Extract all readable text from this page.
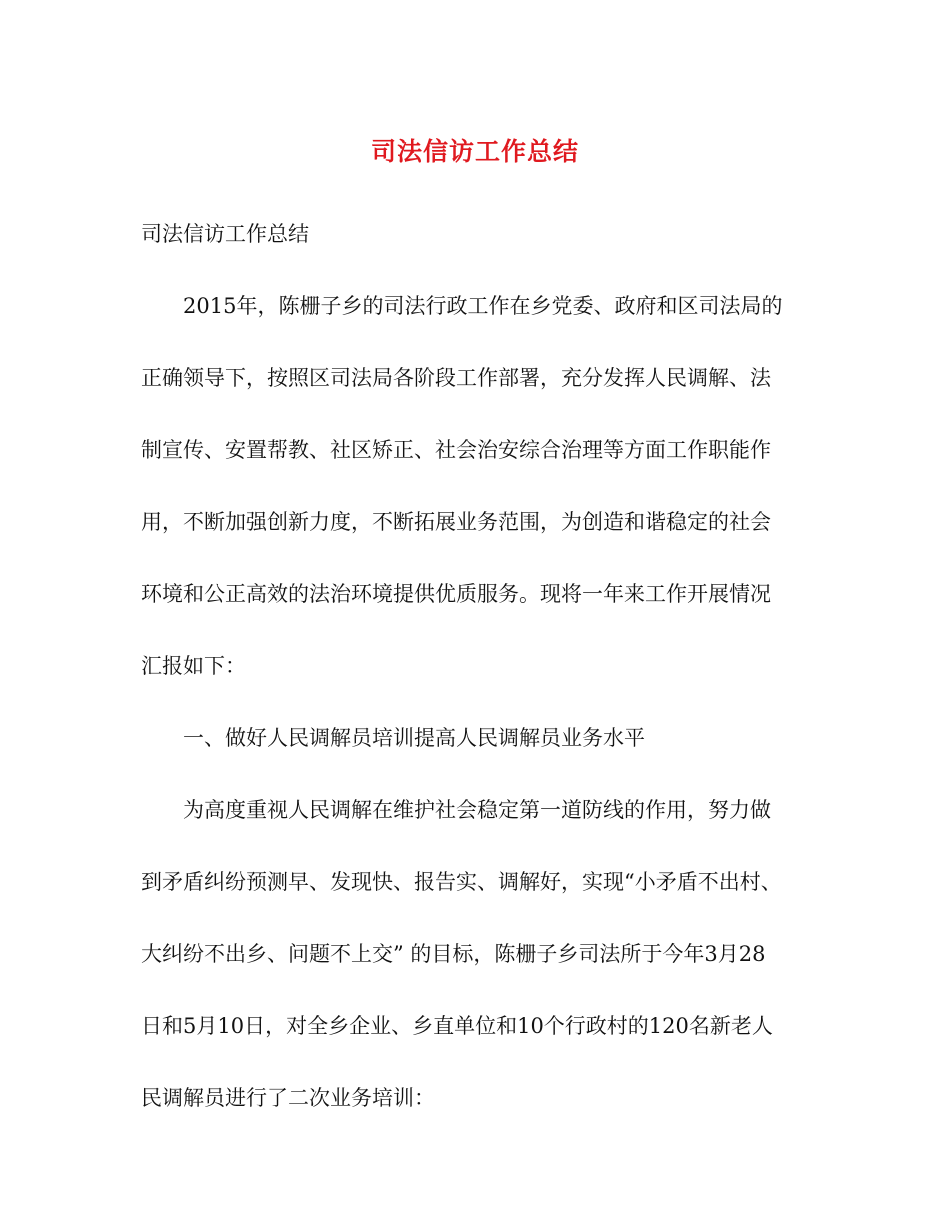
司法信访工作总结
司法信访工作总结

2015年，陈栅子乡的司法行政工作在乡党委、政府和区司法局的
正确领导下，按照区司法局各阶段工作部署，充分发挥人民调解、法
制宣传、安置帮教、社区矫正、社会治安综合治理等方面工作职能作
用，不断加强创新力度，不断拓展业务范围，为创造和谐稳定的社会
环境和公正高效的法治环境提供优质服务。现将一年来工作开展情况
汇报如下：

一、做好人民调解员培训提高人民调解员业务水平

为高度重视人民调解在维护社会稳定第一道防线的作用，努力做
到矛盾纠纷预测早、发现快、报告实、调解好，实现“小矛盾不出村、
大纠纷不出乡、问题不上交” 的目标，陈栅子乡司法所于今年3月28
日和5月10日，对全乡企业、乡直单位和10个行政村的120名新老人
民调解员进行了二次业务培训：
